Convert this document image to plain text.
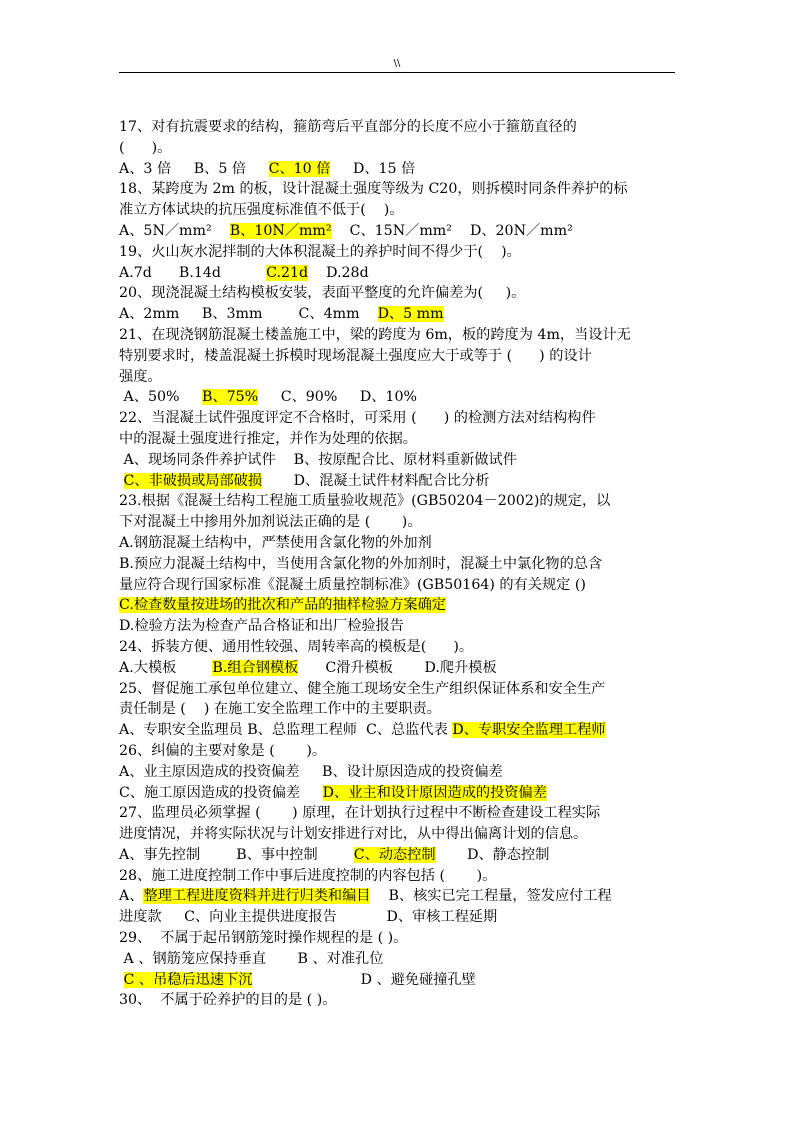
\\
17、对有抗震要求的结构，箍筋弯后平直部分的长度不应小于箍筋直径的
(      )。
A、3 倍     B、5 倍     C、10 倍     D、15 倍
18、某跨度为 2m 的板，设计混凝土强度等级为 C20，则拆模时同条件养护的标
准立方体试块的抗压强度标准值不低于(    )。
A、5N／mm²    B、10N／mm²    C、15N／mm²    D、20N／mm²
19、火山灰水泥拌制的大体积混凝土的养护时间不得少于(    )。
A.7d      B.14d          C.21d    D.28d
20、现浇混凝土结构模板安装，表面平整度的允许偏差为(     )。
A、2mm     B、3mm        C、4mm    D、5 mm
21、在现浇钢筋混凝土楼盖施工中，梁的跨度为 6m，板的跨度为 4m，当设计无
特别要求时，楼盖混凝土拆模时现场混凝土强度应大于或等于 (      ) 的设计
强度。
A、50%     B、75%     C、90%     D、10%
22、当混凝土试件强度评定不合格时，可采用 (      ) 的检测方法对结构构件
中的混凝土强度进行推定，并作为处理的依据。
A、现场同条件养护试件    B、按原配合比、原材料重新做试件
C、非破损或局部破损       D、混凝土试件材料配合比分析
23.根据《混凝土结构工程施工质量验收规范》(GB50204－2002)的规定，以
下对混凝土中掺用外加剂说法正确的是 (       )。
A.钢筋混凝土结构中，严禁使用含氯化物的外加剂
B.预应力混凝土结构中，当使用含氯化物的外加剂时，混凝土中氯化物的总含
量应符合现行国家标准《混凝土质量控制标准》(GB50164) 的有关规定 ()
C.检查数量按进场的批次和产品的抽样检验方案确定
D.检验方法为检查产品合格证和出厂检验报告
24、拆装方便、通用性较强、周转率高的模板是(      )。
A.大模板        B.组合钢模板      C滑升模板       D.爬升模板
25、督促施工承包单位建立、健全施工现场安全生产组织保证体系和安全生产
责任制是 (    ) 在施工安全监理工作中的主要职责。
A、专职安全监理员 B、总监理工程师  C、总监代表 D、专职安全监理工程师
26、纠偏的主要对象是 (       )。
A、业主原因造成的投资偏差     B、设计原因造成的投资偏差
C、施工原因造成的投资偏差     D、业主和设计原因造成的投资偏差
27、监理员必须掌握 (       ) 原理，在计划执行过程中不断检查建设工程实际
进度情况，并将实际状况与计划安排进行对比，从中得出偏离计划的信息。
A、事先控制        B、事中控制        C、动态控制       D、静态控制
28、施工进度控制工作中事后进度控制的内容包括 (       )。
A、整理工程进度资料并进行归类和编目    B、核实已完工程量，签发应付工程
进度款     C、向业主提供进度报告           D、审核工程延期
29、  不属于起吊钢筋笼时操作规程的是 ( )。
A 、钢筋笼应保持垂直       B 、对准孔位
C 、吊稳后迅速下沉                        D 、避免碰撞孔壁
30、  不属于砼养护的目的是 ( )。
